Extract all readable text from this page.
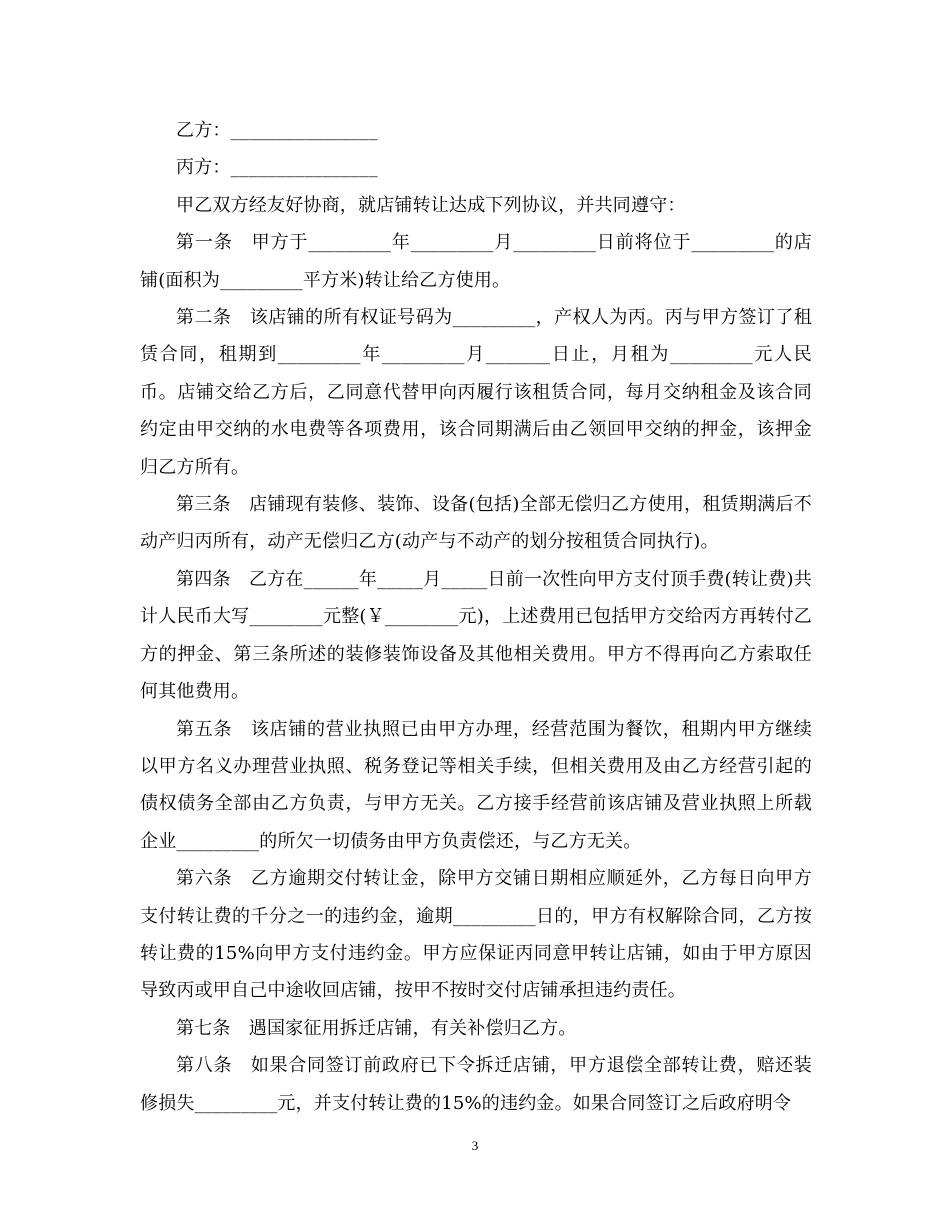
乙方：________________

丙方：________________

甲乙双方经友好协商，就店铺转让达成下列协议，并共同遵守：

第一条　甲方于_________年_________月_________日前将位于_________的店铺(面积为_________平方米)转让给乙方使用。

第二条　该店铺的所有权证号码为_________，产权人为丙。丙与甲方签订了租赁合同，租期到_________年_________月_______日止，月租为_________元人民币。店铺交给乙方后，乙同意代替甲向丙履行该租赁合同，每月交纳租金及该合同约定由甲交纳的水电费等各项费用，该合同期满后由乙领回甲交纳的押金，该押金归乙方所有。

第三条　店铺现有装修、装饰、设备(包括)全部无偿归乙方使用，租赁期满后不动产归丙所有，动产无偿归乙方(动产与不动产的划分按租赁合同执行)。

第四条　乙方在______年_____月_____日前一次性向甲方支付顶手费(转让费)共计人民币大写________元整(￥________元)，上述费用已包括甲方交给丙方再转付乙方的押金、第三条所述的装修装饰设备及其他相关费用。甲方不得再向乙方索取任何其他费用。

第五条　该店铺的营业执照已由甲方办理，经营范围为餐饮，租期内甲方继续以甲方名义办理营业执照、税务登记等相关手续，但相关费用及由乙方经营引起的债权债务全部由乙方负责，与甲方无关。乙方接手经营前该店铺及营业执照上所载企业_________的所欠一切债务由甲方负责偿还，与乙方无关。

第六条　乙方逾期交付转让金，除甲方交铺日期相应顺延外，乙方每日向甲方支付转让费的千分之一的违约金，逾期_________日的，甲方有权解除合同，乙方按转让费的15%向甲方支付违约金。甲方应保证丙同意甲转让店铺，如由于甲方原因导致丙或甲自己中途收回店铺，按甲不按时交付店铺承担违约责任。

第七条　遇国家征用拆迁店铺，有关补偿归乙方。

第八条　如果合同签订前政府已下令拆迁店铺，甲方退偿全部转让费，赔还装修损失_________元，并支付转让费的15%的违约金。如果合同签订之后政府明令

3
